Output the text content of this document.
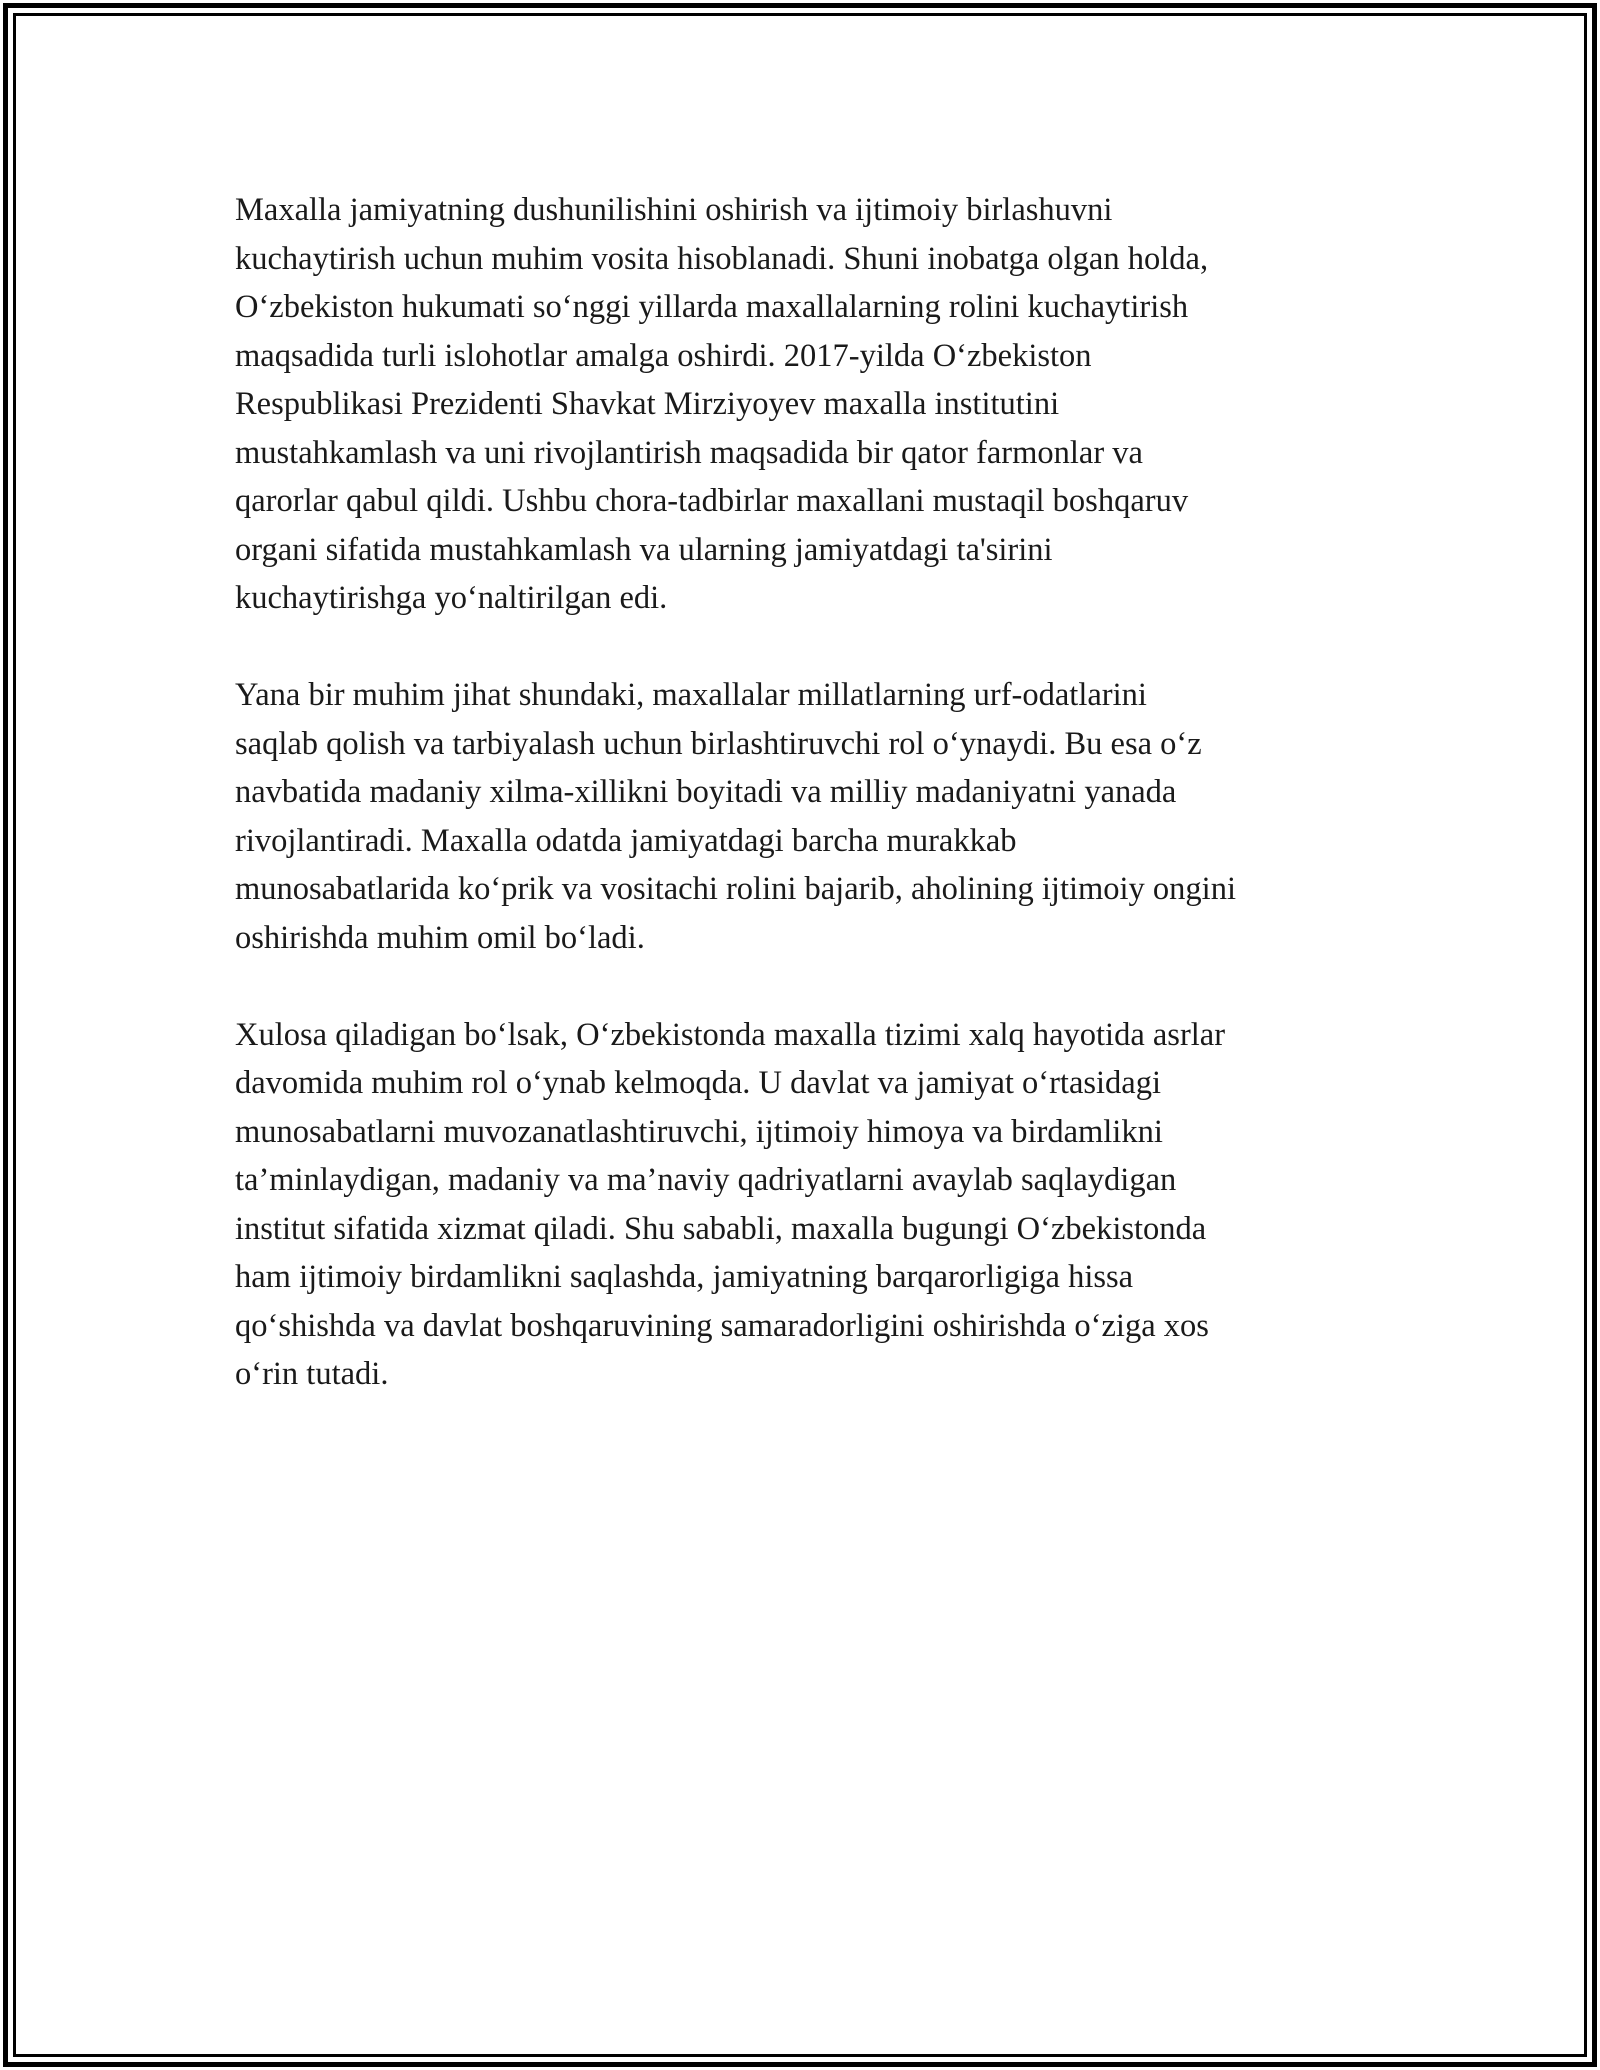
Maxalla jamiyatning dushunilishini oshirish va ijtimoiy birlashuvni
kuchaytirish uchun muhim vosita hisoblanadi. Shuni inobatga olgan holda,
O‘zbekiston hukumati so‘nggi yillarda maxallalarning rolini kuchaytirish
maqsadida turli islohotlar amalga oshirdi. 2017-yilda O‘zbekiston
Respublikasi Prezidenti Shavkat Mirziyoyev maxalla institutini
mustahkamlash va uni rivojlantirish maqsadida bir qator farmonlar va
qarorlar qabul qildi. Ushbu chora-tadbirlar maxallani mustaqil boshqaruv
organi sifatida mustahkamlash va ularning jamiyatdagi ta'sirini
kuchaytirishga yo‘naltirilgan edi.

Yana bir muhim jihat shundaki, maxallalar millatlarning urf-odatlarini
saqlab qolish va tarbiyalash uchun birlashtiruvchi rol o‘ynaydi. Bu esa o‘z
navbatida madaniy xilma-xillikni boyitadi va milliy madaniyatni yanada
rivojlantiradi. Maxalla odatda jamiyatdagi barcha murakkab
munosabatlarida ko‘prik va vositachi rolini bajarib, aholining ijtimoiy ongini
oshirishda muhim omil bo‘ladi.

Xulosa qiladigan bo‘lsak, O‘zbekistonda maxalla tizimi xalq hayotida asrlar
davomida muhim rol o‘ynab kelmoqda. U davlat va jamiyat o‘rtasidagi
munosabatlarni muvozanatlashtiruvchi, ijtimoiy himoya va birdamlikni
ta’minlaydigan, madaniy va ma’naviy qadriyatlarni avaylab saqlaydigan
institut sifatida xizmat qiladi. Shu sababli, maxalla bugungi O‘zbekistonda
ham ijtimoiy birdamlikni saqlashda, jamiyatning barqarorligiga hissa
qo‘shishda va davlat boshqaruvining samaradorligini oshirishda o‘ziga xos
o‘rin tutadi.
